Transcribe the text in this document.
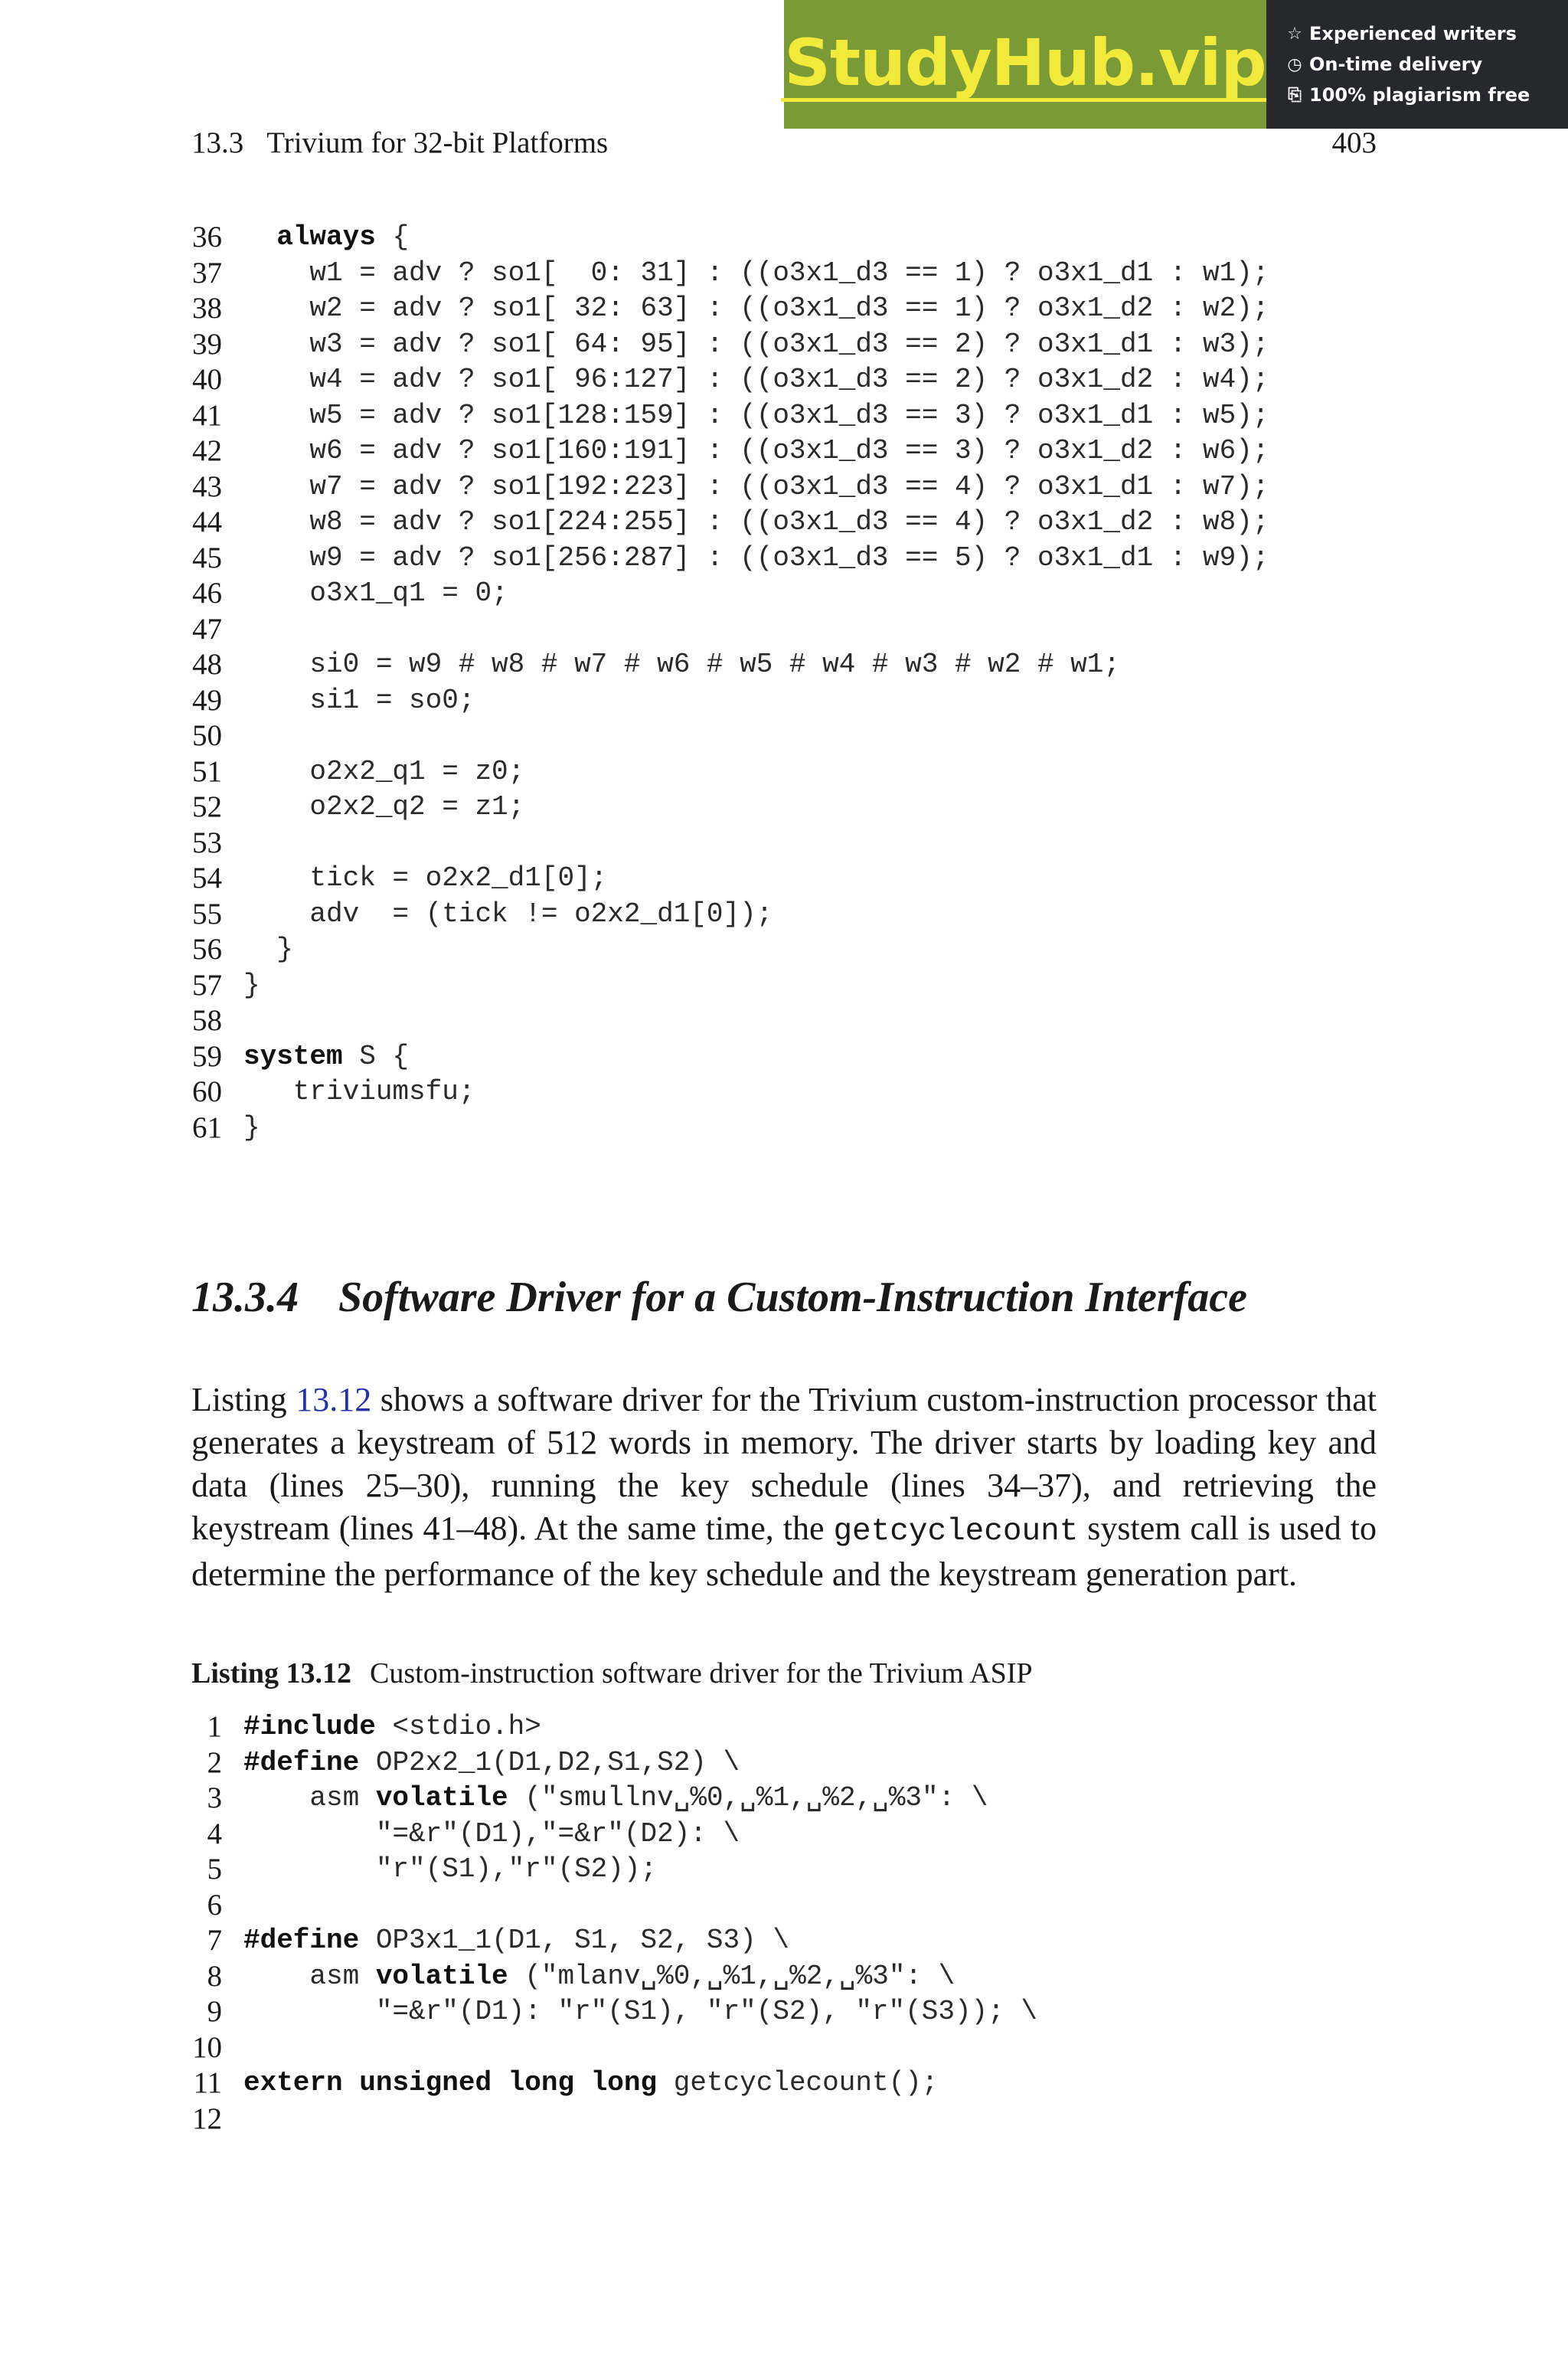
StudyHub.vip ☆ Experienced writers
◷ On-time delivery
⎘ 100% plagiarism free
13.3 Trivium for 32-bit Platforms	403
36	always {
37 w1 = adv ? so1[  0: 31] : ((o3x1_d3 == 1) ? o3x1_d1 : w1);
38 w2 = adv ? so1[ 32: 63] : ((o3x1_d3 == 1) ? o3x1_d2 : w2);
39 w3 = adv ? so1[ 64: 95] : ((o3x1_d3 == 2) ? o3x1_d1 : w3);
40 w4 = adv ? so1[ 96:127] : ((o3x1_d3 == 2) ? o3x1_d2 : w4);
41 w5 = adv ? so1[128:159] : ((o3x1_d3 == 3) ? o3x1_d1 : w5);
42 w6 = adv ? so1[160:191] : ((o3x1_d3 == 3) ? o3x1_d2 : w6);
43 w7 = adv ? so1[192:223] : ((o3x1_d3 == 4) ? o3x1_d1 : w7);
44 w8 = adv ? so1[224:255] : ((o3x1_d3 == 4) ? o3x1_d2 : w8);
45 w9 = adv ? so1[256:287] : ((o3x1_d3 == 5) ? o3x1_d1 : w9);
46 o3x1_q1 = 0;
47
48 si0 = w9 # w8 # w7 # w6 # w5 # w4 # w3 # w2 # w1;
49 si1 = so0;
50
51 o2x2_q1 = z0;
52 o2x2_q2 = z1;
53
54 tick = o2x2_d1[0];
55 adv  = (tick != o2x2_d1[0]);
56 }
57 }
58
59 system S {
60 triviumsfu;
61 }
13.3.4 Software Driver for a Custom-Instruction Interface
Listing 13.12 shows a software driver for the Trivium custom-instruction processor that generates a keystream of 512 words in memory. The driver starts by loading key and data (lines 25–30), running the key schedule (lines 34–37), and retrieving the keystream (lines 41–48). At the same time, the getcyclecount system call is used to determine the performance of the key schedule and the keystream generation part.
Listing 13.12 Custom-instruction software driver for the Trivium ASIP
1 #include <stdio.h>
2 #define OP2x2_1(D1,D2,S1,S2) \
3 asm volatile ("smullnv␣%0,␣%1,␣%2,␣%3": \
4 "=&r"(D1),"=&r"(D2): \
5 "r"(S1),"r"(S2));
6
7 #define OP3x1_1(D1, S1, S2, S3) \
8 asm volatile ("mlanv␣%0,␣%1,␣%2,␣%3": \
9 "=&r"(D1): "r"(S1), "r"(S2), "r"(S3)); \
10
11 extern unsigned long long getcyclecount();
12
